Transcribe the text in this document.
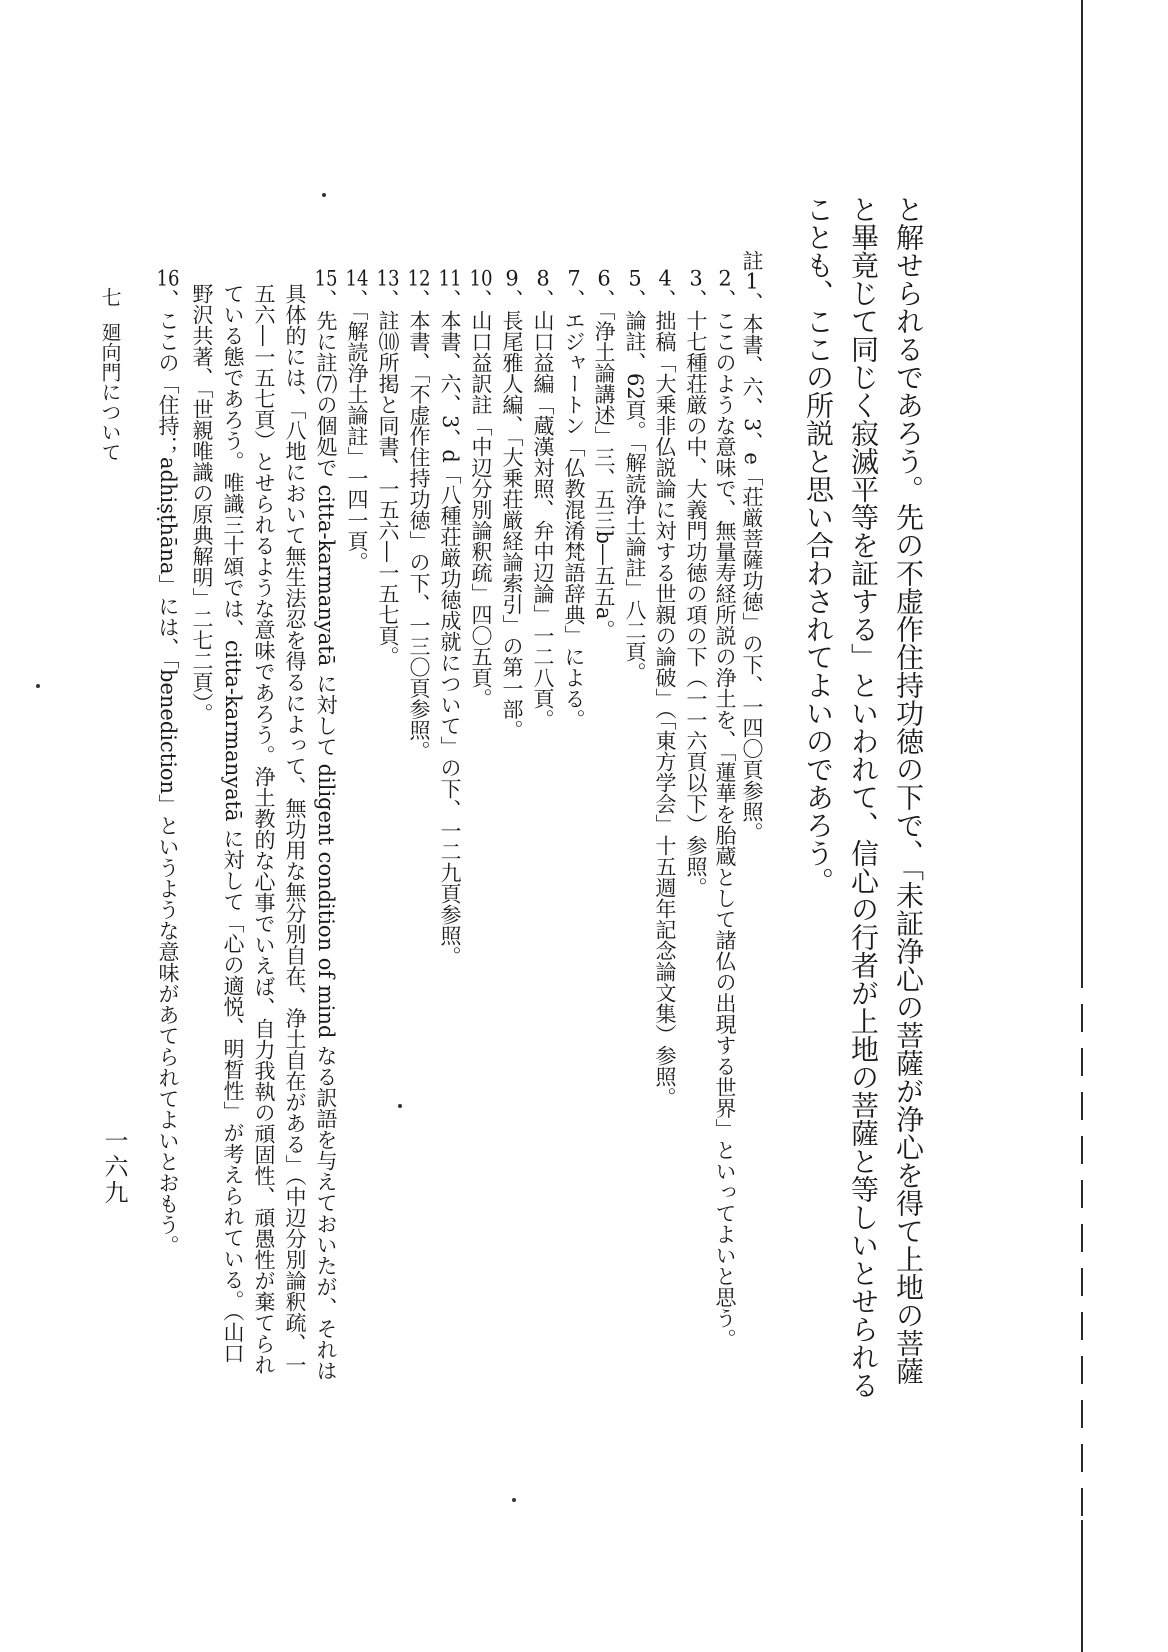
と解せられるであろう。先の不虚作住持功徳の下で、「未証浄心の菩薩が浄心を得て上地の菩薩
と畢竟じて同じく寂滅平等を証する」といわれて、信心の行者が上地の菩薩と等しいとせられる
ことも、ここの所説と思い合わされてよいのであろう。
註1、本書、六、3、e「荘厳菩薩功徳」の下、一四〇頁参照。
2、ここのような意味で、無量寿経所説の浄土を、「蓮華を胎蔵として諸仏の出現する世界」といってよいと思う。
3、十七種荘厳の中、大義門功徳の項の下（一一六頁以下）参照。
4、拙稿「大乗非仏説論に対する世親の論破」（「東方学会」十五週年記念論文集）参照。
5、論註、62頁。「解読浄土論註」八二頁。
6、「浄土論講述」三、五三b―五五a。
7、エジャートン「仏教混淆梵語辞典」による。
8、山口益編「蔵漢対照、弁中辺論」一二八頁。
9、長尾雅人編、「大乗荘厳経論索引」の第一部。
10、山口益訳註「中辺分別論釈疏」四〇五頁。
11、本書、六、3、d「八種荘厳功徳成就について」の下、一二九頁参照。
12、本書、「不虚作住持功徳」の下、一三〇頁参照。
13、註⑽所掲と同書、一五六―一五七頁。
14、「解読浄土論註」一四一頁。
15、先に註⑺の個処で citta-karmanyatā に対して diligent condition of mind なる訳語を与えておいたが、それは
具体的には、「八地において無生法忍を得るによって、無功用な無分別自在、浄土自在がある」（中辺分別論釈疏、一
五六―一五七頁）とせられるような意味であろう。浄土教的な心事でいえば、自力我執の頑固性、頑愚性が棄てられ
ている態であろう。唯識三十頌では、citta-karmanyatā に対して「心の適悦、明晳性」が考えられている。（山口
野沢共著、「世親唯識の原典解明」二七二頁）。
16、ここの「住持；adhiṣṭhāna」には、「benediction」というような意味があてられてよいとおもう。
七
廻向門について
一六九
